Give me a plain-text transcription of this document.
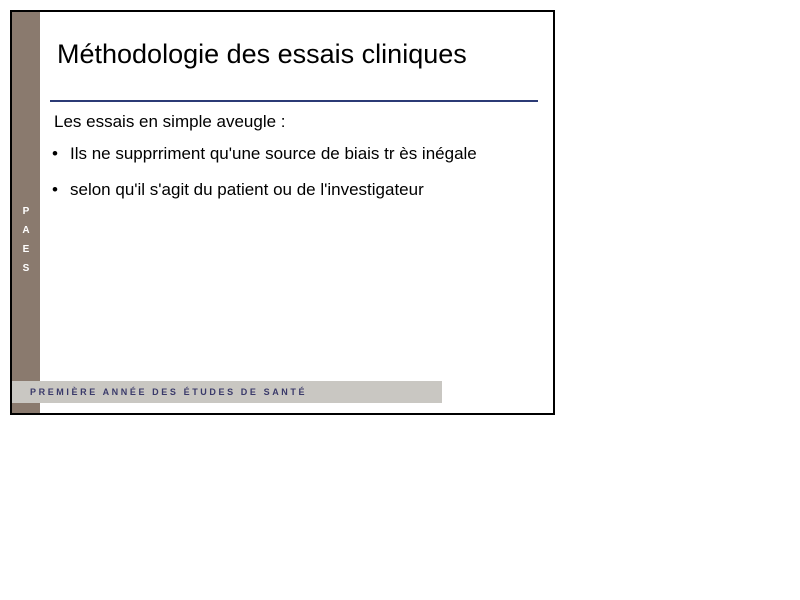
P
A
E
S
Méthodologie des essais cliniques

Les essais en simple aveugle :

• Ils ne supprriment qu'une source de biais tr ès inégale
• selon qu'il s'agit du patient ou de l'investigateur
PREMIÈRE ANNÉE DES ÉTUDES DE SANTÉ
